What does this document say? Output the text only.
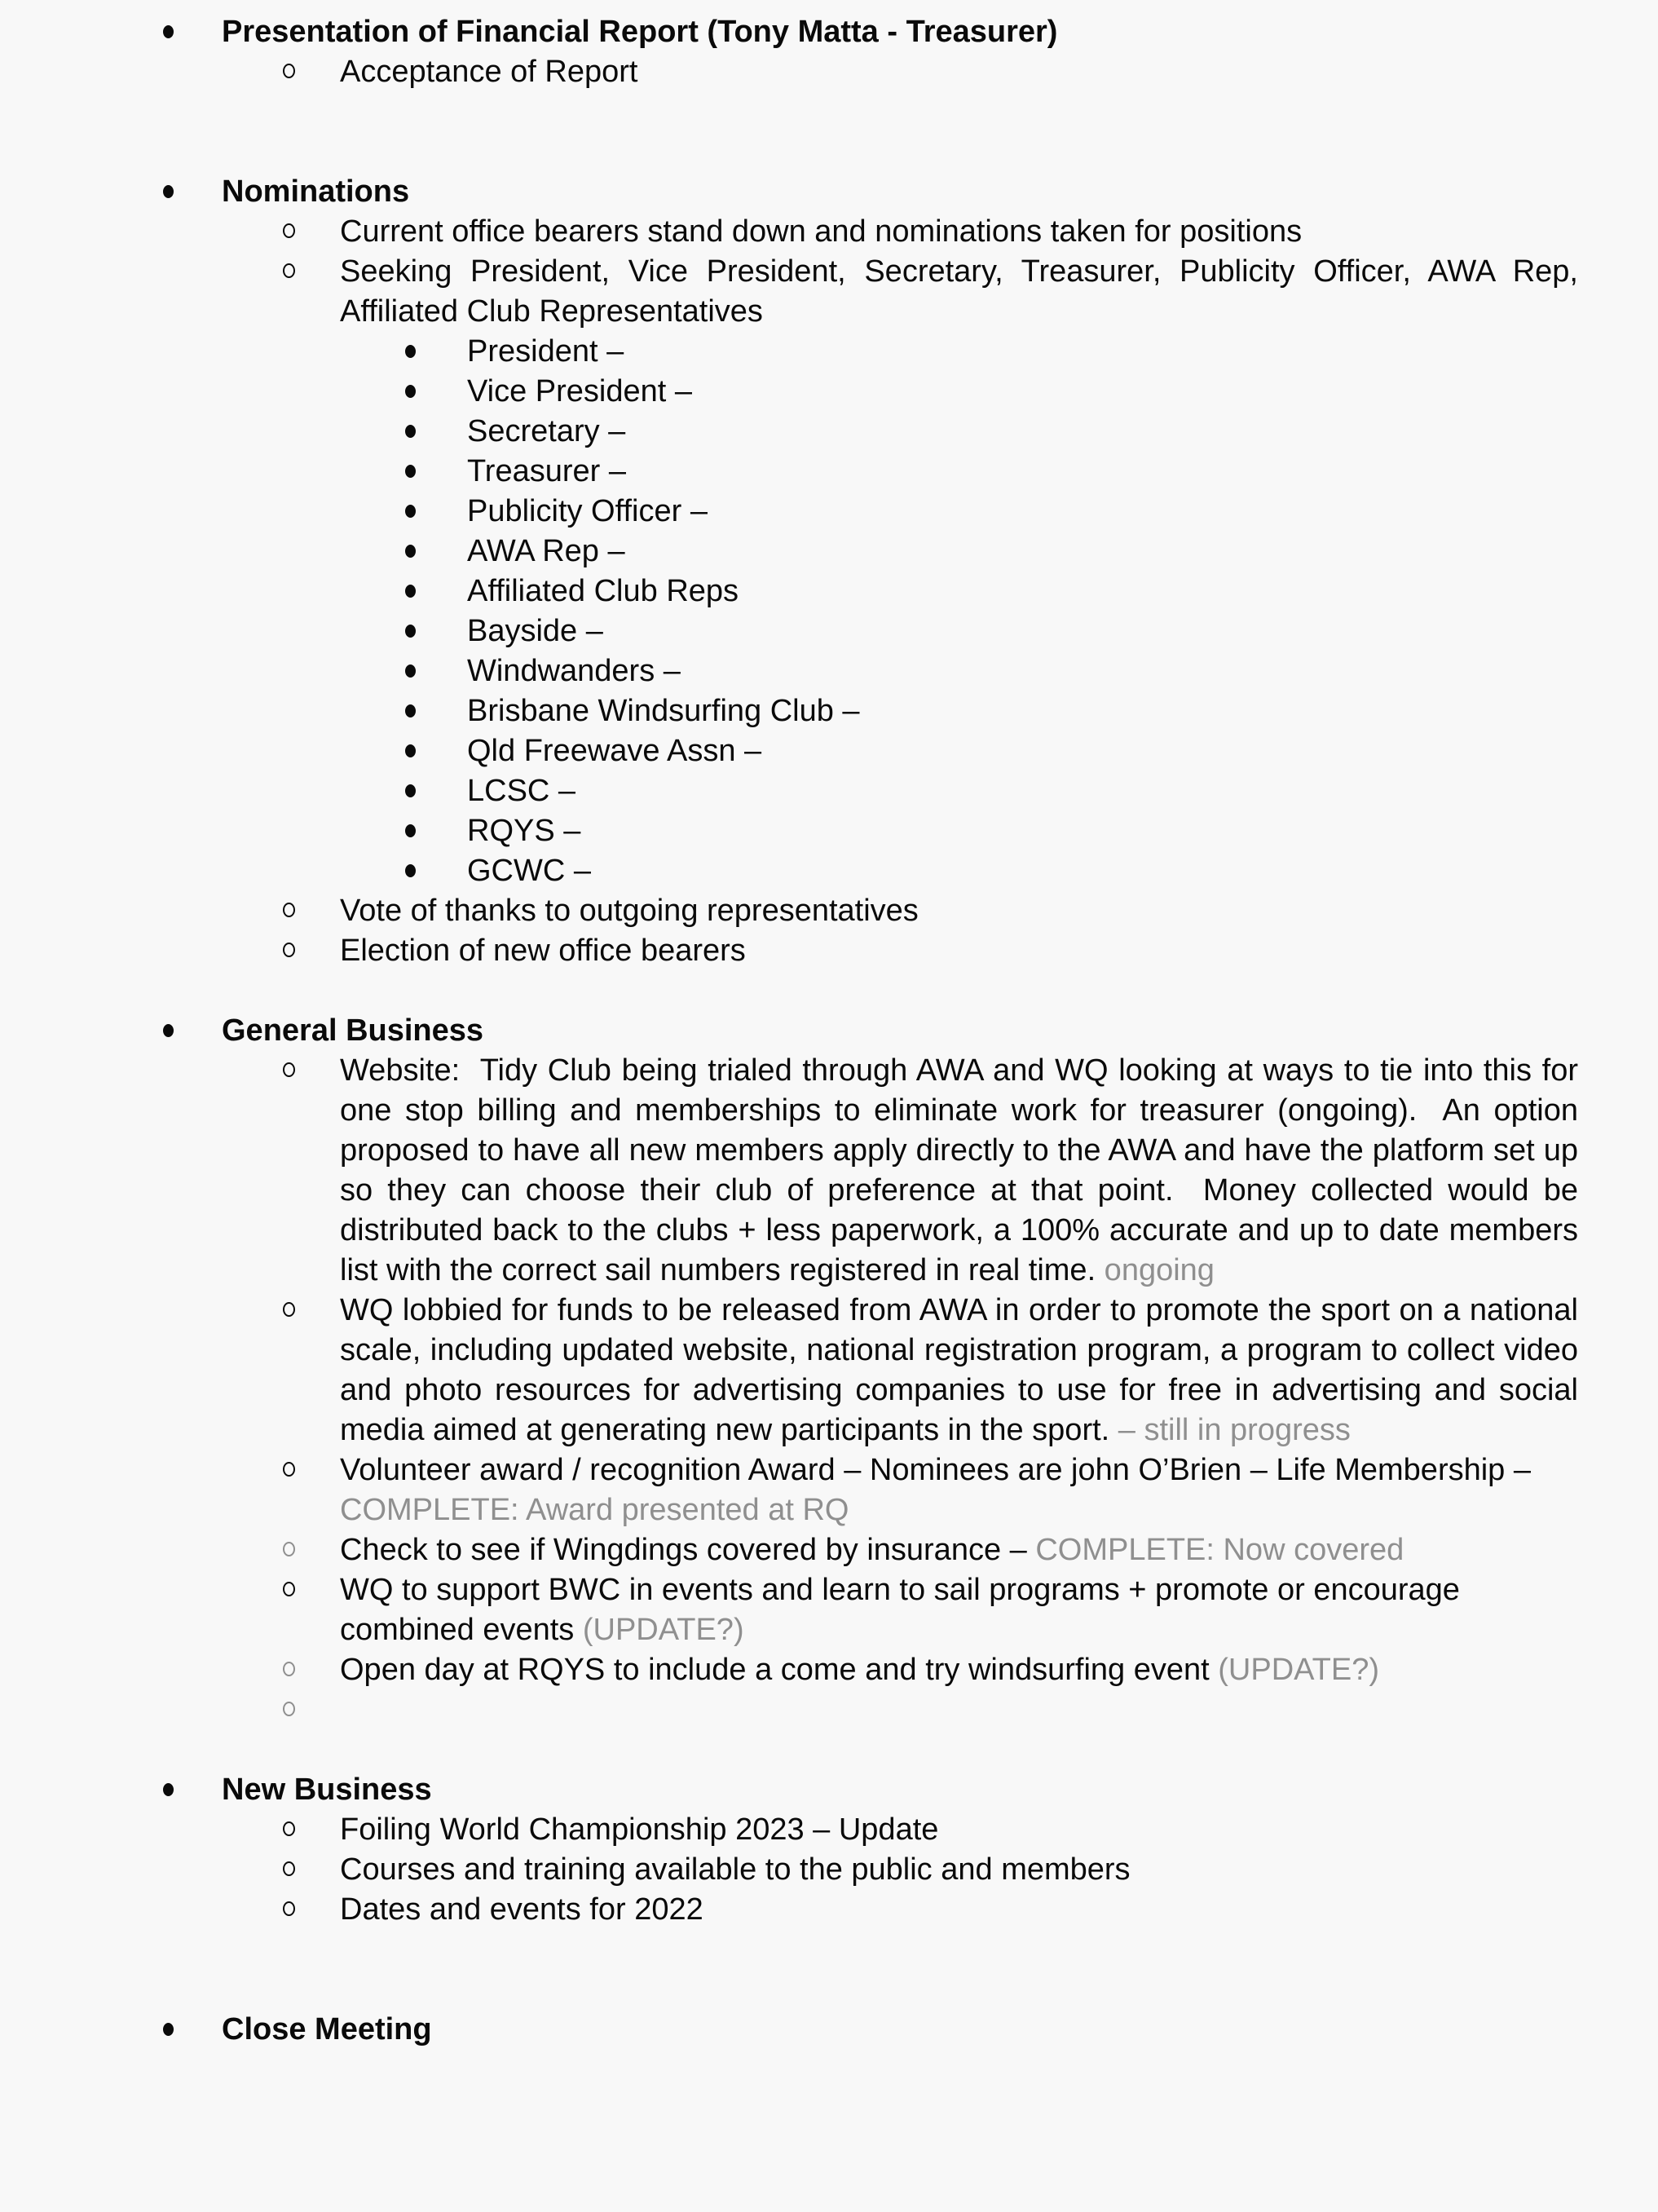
Presentation of Financial Report (Tony Matta - Treasurer)
Acceptance of Report
Nominations
Current office bearers stand down and nominations taken for positions
Seeking President, Vice President, Secretary, Treasurer, Publicity Officer, AWA Rep, Affiliated Club Representatives
President –
Vice President –
Secretary –
Treasurer –
Publicity Officer –
AWA Rep –
Affiliated Club Reps
Bayside –
Windwanders –
Brisbane Windsurfing Club –
Qld Freewave Assn –
LCSC –
RQYS –
GCWC –
Vote of thanks to outgoing representatives
Election of new office bearers
General Business
Website:  Tidy Club being trialed through AWA and WQ looking at ways to tie into this for one stop billing and memberships to eliminate work for treasurer (ongoing).  An option proposed to have all new members apply directly to the AWA and have the platform set up so they can choose their club of preference at that point.  Money collected would be distributed back to the clubs + less paperwork, a 100% accurate and up to date members list with the correct sail numbers registered in real time. ongoing
WQ lobbied for funds to be released from AWA in order to promote the sport on a national scale, including updated website, national registration program, a program to collect video and photo resources for advertising companies to use for free in advertising and social media aimed at generating new participants in the sport. – still in progress
Volunteer award / recognition Award – Nominees are john O’Brien – Life Membership – COMPLETE: Award presented at RQ
Check to see if Wingdings covered by insurance – COMPLETE: Now covered
WQ to support BWC in events and learn to sail programs + promote or encourage combined events (UPDATE?)
Open day at RQYS to include a come and try windsurfing event (UPDATE?)
New Business
Foiling World Championship 2023 – Update
Courses and training available to the public and members
Dates and events for 2022
Close Meeting
